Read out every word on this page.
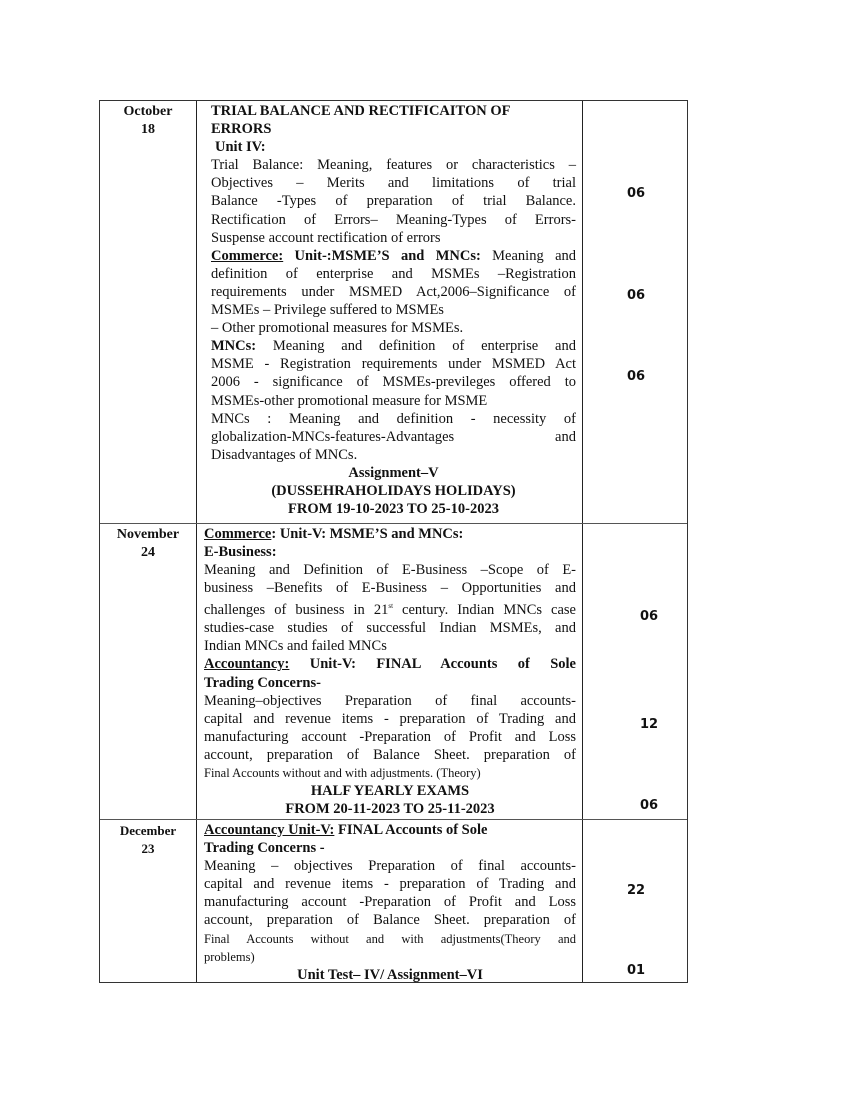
October
18
TRIAL BALANCE AND RECTIFICAITON OF
ERRORS
Unit IV:
Trial Balance: Meaning, features or characteristics –
Objectives – Merits and limitations of trial
Balance -Types of preparation of trial Balance.
Rectification of Errors– Meaning-Types of Errors-
Suspense account rectification of errors
Commerce: Unit-:MSME’S and MNCs: Meaning and
definition of enterprise and MSMEs –Registration
requirements under MSMED Act,2006–Significance of
MSMEs – Privilege suffered to MSMEs
– Other promotional measures for MSMEs.
MNCs: Meaning and definition of enterprise and
MSME - Registration requirements under MSMED Act
2006 - significance of MSMEs-previleges offered to
MSMEs-other promotional measure for MSME
MNCs : Meaning and definition - necessity of
globalization-MNCs-features-Advantages and
Disadvantages of MNCs.
Assignment–V
(DUSSEHRAHOLIDAYS HOLIDAYS)
FROM 19-10-2023 TO 25-10-2023
06
06
06
November
24
Commerce: Unit-V: MSME’S and MNCs:
E-Business:
Meaning and Definition of E-Business –Scope of E-
business –Benefits of E-Business – Opportunities and
challenges of business in 21st century. Indian MNCs case
studies-case studies of successful Indian MSMEs, and
Indian MNCs and failed MNCs
Accountancy: Unit-V: FINAL Accounts of Sole
Trading Concerns-
Meaning–objectives Preparation of final accounts-
capital and revenue items - preparation of Trading and
manufacturing account -Preparation of Profit and Loss
account, preparation of Balance Sheet. preparation of
Final Accounts without and with adjustments. (Theory)
HALF YEARLY EXAMS
FROM 20-11-2023 TO 25-11-2023
06
12
06
December
23
Accountancy Unit-V: FINAL Accounts of Sole
Trading Concerns -
Meaning – objectives Preparation of final accounts-
capital and revenue items - preparation of Trading and
manufacturing account -Preparation of Profit and Loss
account, preparation of Balance Sheet. preparation of
Final Accounts without and with adjustments(Theory and
problems)
Unit Test– IV/ Assignment–VI
22
01
